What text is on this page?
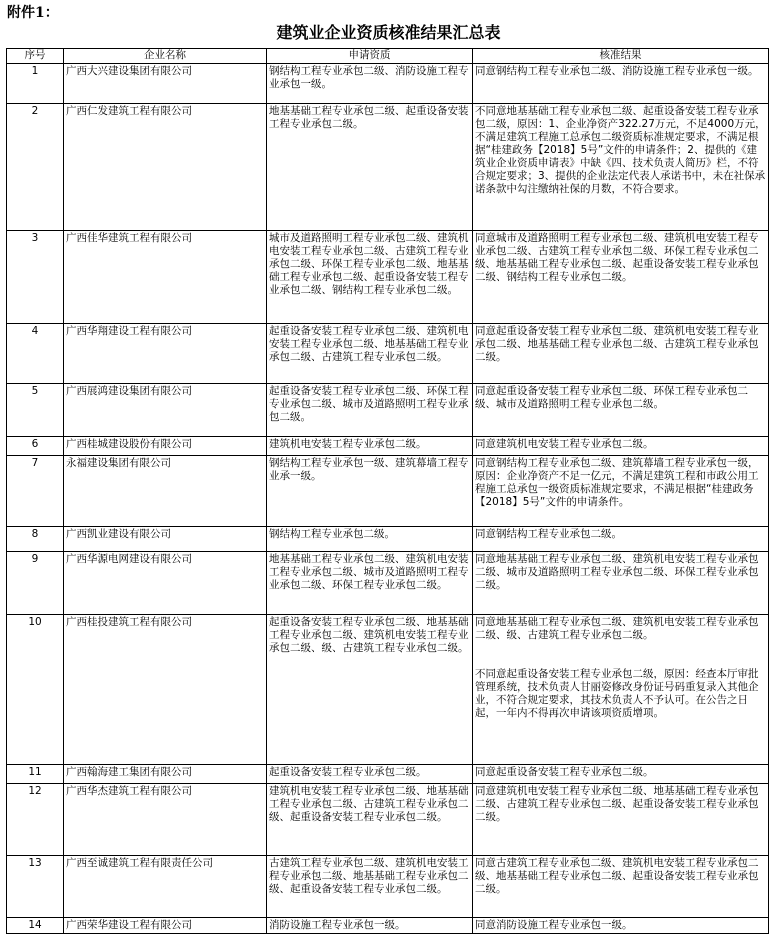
附件1：
建筑业企业资质核准结果汇总表
序号	企业名称	申请资质	核准结果

1	广西大兴建设集团有限公司	钢结构工程专业承包二级、消防设施工程专业承包一级。	同意钢结构工程专业承包二级、消防设施工程专业承包一级。

2	广西仁发建筑工程有限公司	地基基础工程专业承包二级、起重设备安装工程专业承包二级。	不同意地基基础工程专业承包二级、起重设备安装工程专业承包二级，原因：1、企业净资产322.27万元，不足4000万元，不满足建筑工程施工总承包二级资质标准规定要求，不满足根据“桂建政务【2018】5号”文件的申请条件；2、提供的《建筑业企业资质申请表》中缺《四、技术负责人简历》栏，不符合规定要求；3、提供的企业法定代表人承诺书中，未在社保承诺条款中勾注缴纳社保的月数，不符合要求。

3	广西佳华建筑工程有限公司	城市及道路照明工程专业承包二级、建筑机电安装工程专业承包二级、古建筑工程专业承包二级、环保工程专业承包二级、地基基础工程专业承包二级、起重设备安装工程专业承包二级、钢结构工程专业承包二级。	同意城市及道路照明工程专业承包二级、建筑机电安装工程专业承包二级、古建筑工程专业承包二级、环保工程专业承包二级、地基基础工程专业承包二级、起重设备安装工程专业承包二级、钢结构工程专业承包二级。

4	广西华翔建设工程有限公司	起重设备安装工程专业承包二级、建筑机电安装工程专业承包二级、地基基础工程专业承包二级、古建筑工程专业承包二级。	同意起重设备安装工程专业承包二级、建筑机电安装工程专业承包二级、地基基础工程专业承包二级、古建筑工程专业承包二级。

5	广西展鸿建设集团有限公司	起重设备安装工程专业承包二级、环保工程专业承包二级、城市及道路照明工程专业承包二级。	同意起重设备安装工程专业承包二级、环保工程专业承包二级、城市及道路照明工程专业承包二级。

6	广西桂城建设股份有限公司	建筑机电安装工程专业承包二级。	同意建筑机电安装工程专业承包二级。

7	永福建设集团有限公司	钢结构工程专业承包一级、建筑幕墙工程专业承一级。	同意钢结构工程专业承包二级、建筑幕墙工程专业承包一级，原因：企业净资产不足一亿元，不满足建筑工程和市政公用工程施工总承包一级资质标准规定要求，不满足根据“桂建政务【2018】5号”文件的申请条件。

8	广西凯业建设有限公司	钢结构工程专业承包二级。	同意钢结构工程专业承包二级。

9	广西华源电网建设有限公司	地基基础工程专业承包二级、建筑机电安装工程专业承包二级、城市及道路照明工程专业承包二级、环保工程专业承包二级。	同意地基基础工程专业承包二级、建筑机电安装工程专业承包二级、城市及道路照明工程专业承包二级、环保工程专业承包二级。

10	广西桂投建筑工程有限公司	起重设备安装工程专业承包二级、地基基础工程专业承包二级、建筑机电安装工程专业承包二级、级、古建筑工程专业承包二级。	同意地基基础工程专业承包二级、建筑机电安装工程专业承包二级、级、古建筑工程专业承包二级。
不同意起重设备安装工程专业承包二级，原因：经查本厅审批管理系统，技术负责人甘丽姿修改身份证号码重复录入其他企业，不符合规定要求，其技术负责人不予认可。在公告之日起，一年内不得再次申请该项资质增项。

11	广西翰海建工集团有限公司	起重设备安装工程专业承包二级。	同意起重设备安装工程专业承包二级。

12	广西华杰建筑工程有限公司	建筑机电安装工程专业承包二级、地基基础工程专业承包二级、古建筑工程专业承包二级、起重设备安装工程专业承包二级。	同意建筑机电安装工程专业承包二级、地基基础工程专业承包二级、古建筑工程专业承包二级、起重设备安装工程专业承包二级。

13	广西至诚建筑工程有限责任公司	古建筑工程专业承包二级、建筑机电安装工程专业承包二级、地基基础工程专业承包二级、起重设备安装工程专业承包二级。	同意古建筑工程专业承包二级、建筑机电安装工程专业承包二级、地基基础工程专业承包二级、起重设备安装工程专业承包二级。

14	广西荣华建设工程有限公司	消防设施工程专业承包一级。	同意消防设施工程专业承包一级。
